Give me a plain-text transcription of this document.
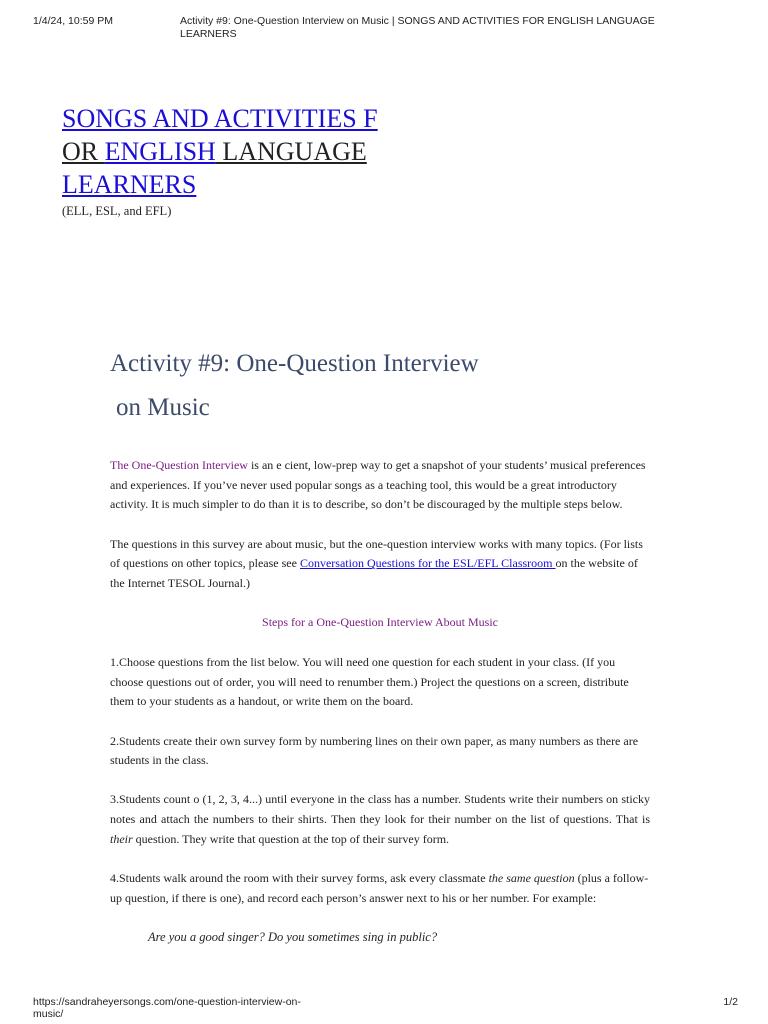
1/4/24, 10:59 PM	Activity #9: One-Question Interview on Music | SONGS AND ACTIVITIES FOR ENGLISH LANGUAGE LEARNERS
SONGS AND ACTIVITIES F
OR ENGLISH LANGUAGE
LEARNERS
(ELL, ESL, and EFL)
Activity #9: One-Question Interview
on Music

The One-Question Interview is an e cient, low-prep way to get a snapshot of your students’ musical preferences and experiences. If you’ve never used popular songs as a teaching tool, this would be a great introductory activity. It is much simpler to do than it is to describe, so don’t be discouraged by the multiple steps below.

The questions in this survey are about music, but the one-question interview works with many topics. (For lists of questions on other topics, please see Conversation Questions for the ESL/EFL Classroom on the website of the Internet TESOL Journal.)

Steps for a One-Question Interview About Music

1.Choose questions from the list below. You will need one question for each student in your class. (If you choose questions out of order, you will need to renumber them.) Project the questions on a screen, distribute them to your students as a handout, or write them on the board.

2.Students create their own survey form by numbering lines on their own paper, as many numbers as there are students in the class.

3.Students count o (1, 2, 3, 4...) until everyone in the class has a number. Students write their numbers on sticky notes and attach the numbers to their shirts. Then they look for their number on the list of questions. That is their question. They write that question at the top of their survey form.

4.Students walk around the room with their survey forms, ask every classmate the same question (plus a follow- up question, if there is one), and record each person’s answer next to his or her number. For example:

Are you a good singer? Do you sometimes sing in public?

https://sandraheyersongs.com/one-question-interview-on-music/
1/2
